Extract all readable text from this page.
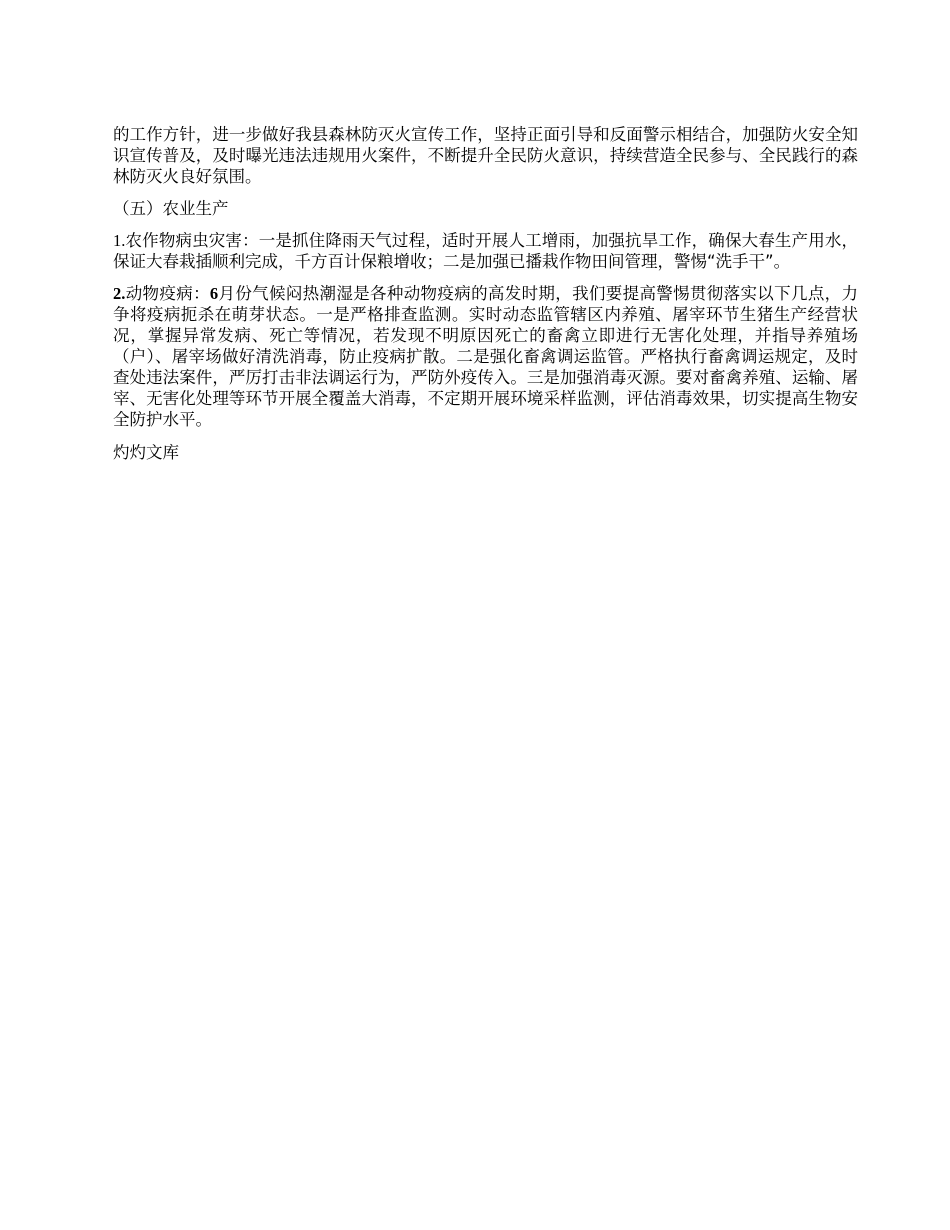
的工作方针，进一步做好我县森林防灭火宣传工作，坚持正面引导和反面警示相结合，加强防火安全知识宣传普及，及时曝光违法违规用火案件，不断提升全民防火意识，持续营造全民参与、全民践行的森林防灭火良好氛围。

（五）农业生产

1.农作物病虫灾害：一是抓住降雨天气过程，适时开展人工增雨，加强抗旱工作，确保大春生产用水，保证大春栽插顺利完成，千方百计保粮增收；二是加强已播栽作物田间管理，警惕“洗手干”。

2.动物疫病：6月份气候闷热潮湿是各种动物疫病的高发时期，我们要提高警惕贯彻落实以下几点，力争将疫病扼杀在萌芽状态。一是严格排查监测。实时动态监管辖区内养殖、屠宰环节生猪生产经营状况，掌握异常发病、死亡等情况，若发现不明原因死亡的畜禽立即进行无害化处理，并指导养殖场（户）、屠宰场做好清洗消毒，防止疫病扩散。二是强化畜禽调运监管。严格执行畜禽调运规定，及时查处违法案件，严厉打击非法调运行为，严防外疫传入。三是加强消毒灭源。要对畜禽养殖、运输、屠宰、无害化处理等环节开展全覆盖大消毒，不定期开展环境采样监测，评估消毒效果，切实提高生物安全防护水平。

灼灼文库
